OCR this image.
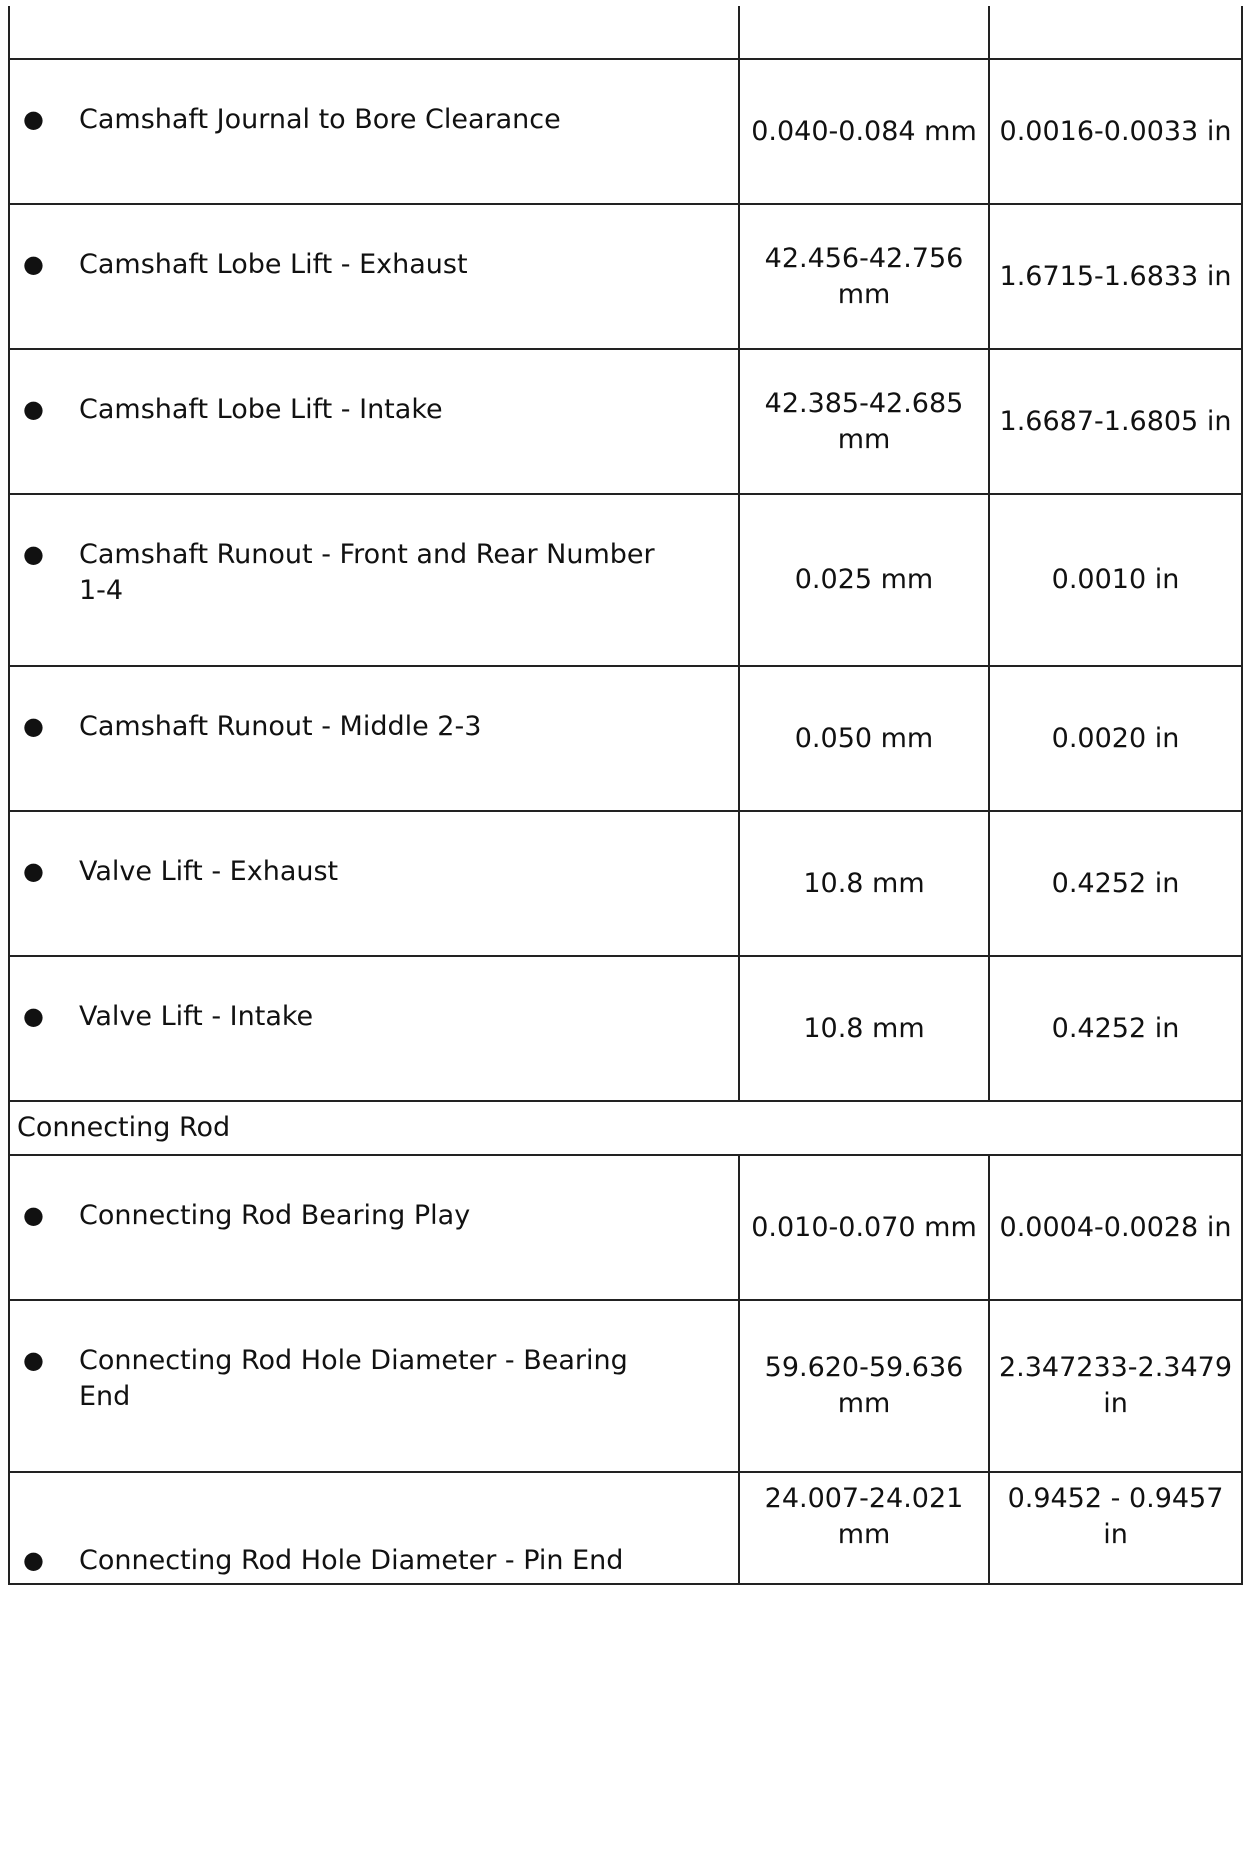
● Camshaft Journal to Bore Clearance	0.040-0.084 mm	0.0016-0.0033 in

● Camshaft Lobe Lift - Exhaust	42.456-42.756 mm	1.6715-1.6833 in

● Camshaft Lobe Lift - Intake	42.385-42.685 mm	1.6687-1.6805 in

● Camshaft Runout - Front and Rear Number 1-4	0.025 mm	0.0010 in

● Camshaft Runout - Middle 2-3	0.050 mm	0.0020 in

● Valve Lift - Exhaust	10.8 mm	0.4252 in

● Valve Lift - Intake	10.8 mm	0.4252 in

Connecting Rod		

● Connecting Rod Bearing Play	0.010-0.070 mm	0.0004-0.0028 in

● Connecting Rod Hole Diameter - Bearing End	59.620-59.636 mm	2.347233-2.3479 in

● Connecting Rod Hole Diameter - Pin End	24.007-24.021 mm	0.9452 - 0.9457 in
